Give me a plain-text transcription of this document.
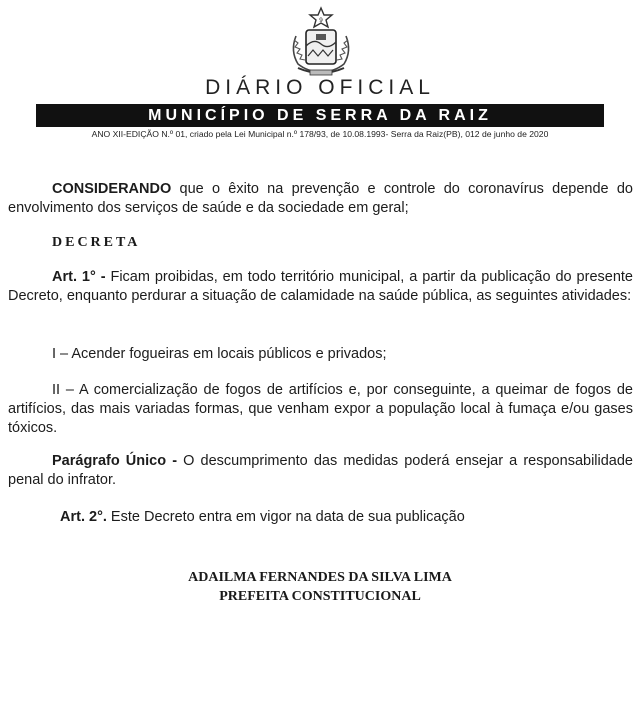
9
DIÁRIO OFICIAL
MUNICÍPIO DE SERRA DA RAIZ
ANO XII-EDIÇÃO N.º 01, criado pela Lei Municipal n.º 178/93, de 10.08.1993- Serra da Raiz(PB), 012 de junho de 2020
CONSIDERANDO que o êxito na prevenção e controle do coronavírus depende do envolvimento dos serviços de saúde e da sociedade em geral;
DECRETA
Art. 1° - Ficam proibidas, em todo território municipal, a partir da publicação do presente Decreto, enquanto perdurar a situação de calamidade na saúde pública, as seguintes atividades:
I – Acender fogueiras em locais públicos e privados;
II – A comercialização de fogos de artifícios e, por conseguinte, a queimar de fogos de artifícios, das mais variadas formas, que venham expor a população local à fumaça e/ou gases tóxicos.
Parágrafo Único - O descumprimento das medidas poderá ensejar a responsabilidade penal do infrator.
Art. 2°. Este Decreto entra em vigor na data de sua publicação
ADAILMA FERNANDES DA SILVA LIMA
PREFEITA CONSTITUCIONAL
